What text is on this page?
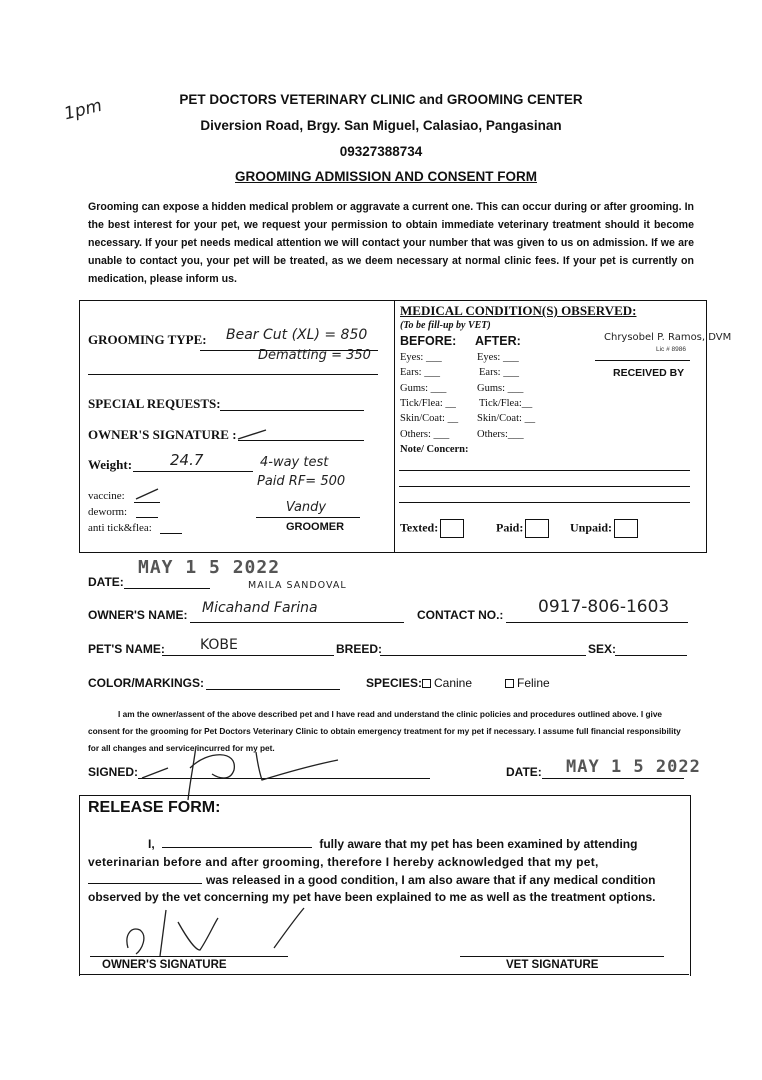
1pm	PET DOCTORS VETERINARY CLINIC and GROOMING CENTER
Diversion Road, Brgy. San Miguel, Calasiao, Pangasinan
09327388734
GROOMING ADMISSION AND CONSENT FORM
Grooming can expose a hidden medical problem or aggravate a current one. This can occur during or after grooming. In the best interest for your pet, we request your permission to obtain immediate veterinary treatment should it become necessary. If your pet needs medical attention we will contact your number that was given to us on admission. If we are unable to contact you, your pet will be treated, as we deem necessary at normal clinic fees. If your pet is currently on medication, please inform us.
GROOMING TYPE: Bear Cut (XL) = 850
Dematting = 350
SPECIAL REQUESTS:
OWNER'S SIGNATURE :
Weight:	24.7	4-way test
Paid RF= 500
vaccine:
deworm:
anti tick&flea:
Vandy
GROOMER
MEDICAL CONDITION(S) OBSERVED:
(To be fill-up by VET)
BEFORE: AFTER:	Chrysobel P. Ramos, DVM
Lic # 8986
RECEIVED BY
Eyes: ___	Eyes: ___
Ears: ___	Ears: ___
Gums: ___	Gums: ___
Tick/Flea: __ Tick/Flea:__
Skin/Coat: __ Skin/Coat: __
Others: ___	Others:___
Note/ Concern:
Texted:	Paid:	Unpaid:
DATE:
MAY 1 5 2022
MAILA SANDOVAL
OWNER'S NAME: Micahand Farina	CONTACT NO.: 0917-806-1603
PET'S NAME:	KOBE	BREED:	SEX:
COLOR/MARKINGS:	SPECIES: Canine	Feline
I am the owner/assent of the above described pet and I have read and understand the clinic policies and procedures outlined above. I give consent for the grooming for Pet Doctors Veterinary Clinic to obtain emergency treatment for my pet if necessary. I assume full financial responsibility for all changes and service incurred for my pet.
SIGNED:	DATE: MAY 1 5 2022
RELEASE FORM:
I,	fully aware that my pet has been examined by attending
veterinarian before and after grooming, therefore I hereby acknowledged that my pet,
was released in a good condition, I am also aware that if any medical condition
observed by the vet concerning my pet have been explained to me as well as the treatment options.
OWNER'S SIGNATURE	VET SIGNATURE
